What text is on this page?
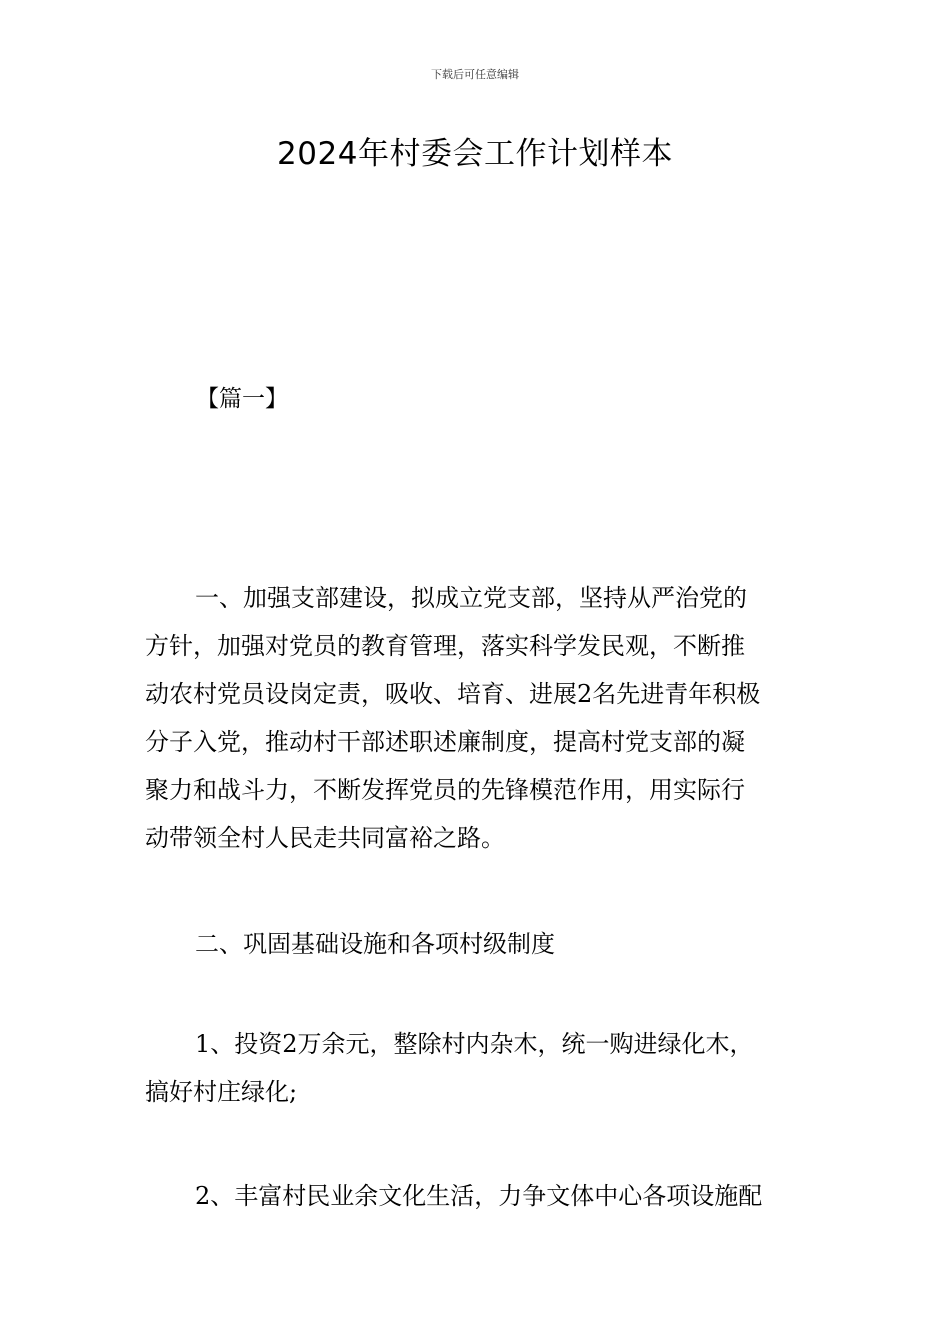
下载后可任意编辑
2024年村委会工作计划样本
【篇一】
一、加强支部建设，拟成立党支部，坚持从严治党的
方针，加强对党员的教育管理，落实科学发民观，不断推
动农村党员设岗定责，吸收、培育、进展2名先进青年积极
分子入党，推动村干部述职述廉制度，提高村党支部的凝
聚力和战斗力，不断发挥党员的先锋模范作用，用实际行
动带领全村人民走共同富裕之路。
二、巩固基础设施和各项村级制度
1、投资2万余元，整除村内杂木，统一购进绿化木，
搞好村庄绿化;
2、丰富村民业余文化生活，力争文体中心各项设施配
